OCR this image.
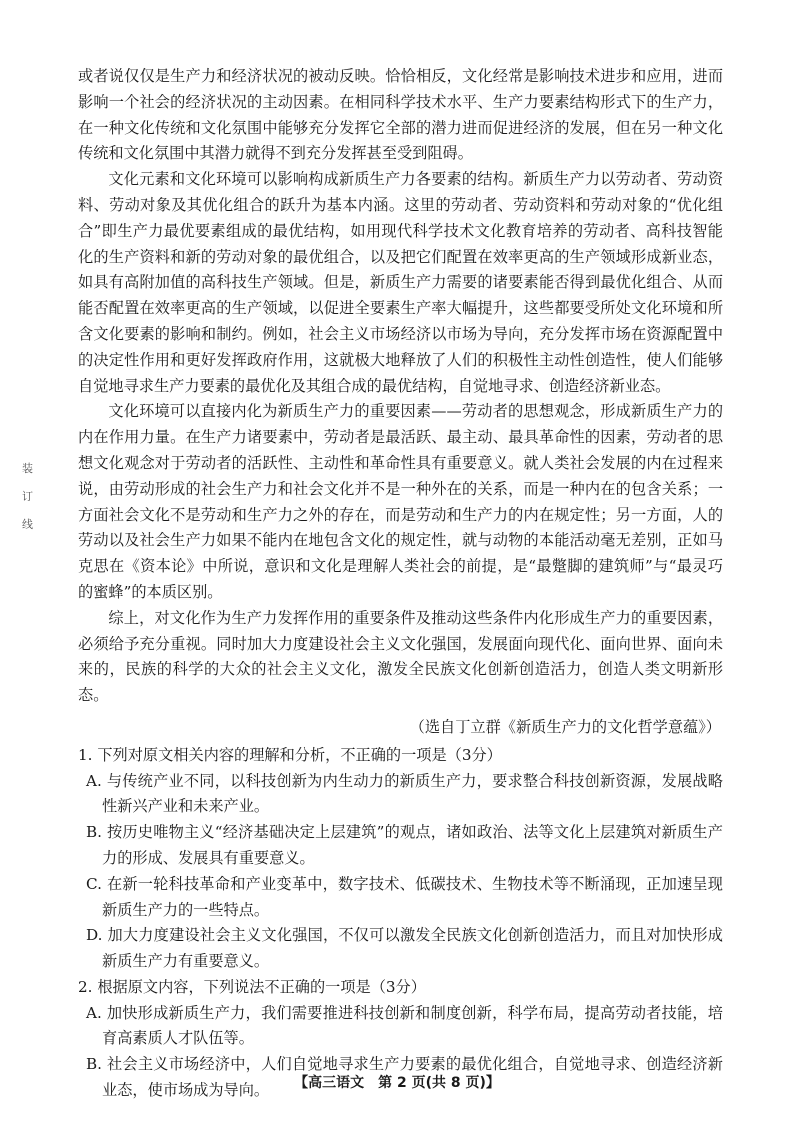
装订线

或者说仅仅是生产力和经济状况的被动反映。恰恰相反，文化经常是影响技术进步和应用，进而影响一个社会的经济状况的主动因素。在相同科学技术水平、生产力要素结构形式下的生产力，在一种文化传统和文化氛围中能够充分发挥它全部的潜力进而促进经济的发展，但在另一种文化传统和文化氛围中其潜力就得不到充分发挥甚至受到阻碍。

文化元素和文化环境可以影响构成新质生产力各要素的结构。新质生产力以劳动者、劳动资料、劳动对象及其优化组合的跃升为基本内涵。这里的劳动者、劳动资料和劳动对象的“优化组合”即生产力最优要素组成的最优结构，如用现代科学技术文化教育培养的劳动者、高科技智能化的生产资料和新的劳动对象的最优组合，以及把它们配置在效率更高的生产领域形成新业态，如具有高附加值的高科技生产领域。但是，新质生产力需要的诸要素能否得到最优化组合、从而能否配置在效率更高的生产领域，以促进全要素生产率大幅提升，这些都要受所处文化环境和所含文化要素的影响和制约。例如，社会主义市场经济以市场为导向，充分发挥市场在资源配置中的决定性作用和更好发挥政府作用，这就极大地释放了人们的积极性主动性创造性，使人们能够自觉地寻求生产力要素的最优化及其组合成的最优结构，自觉地寻求、创造经济新业态。

文化环境可以直接内化为新质生产力的重要因素——劳动者的思想观念，形成新质生产力的内在作用力量。在生产力诸要素中，劳动者是最活跃、最主动、最具革命性的因素，劳动者的思想文化观念对于劳动者的活跃性、主动性和革命性具有重要意义。就人类社会发展的内在过程来说，由劳动形成的社会生产力和社会文化并不是一种外在的关系，而是一种内在的包含关系；一方面社会文化不是劳动和生产力之外的存在，而是劳动和生产力的内在规定性；另一方面，人的劳动以及社会生产力如果不能内在地包含文化的规定性，就与动物的本能活动毫无差别，正如马克思在《资本论》中所说，意识和文化是理解人类社会的前提，是“最蹩脚的建筑师”与“最灵巧的蜜蜂”的本质区别。

综上，对文化作为生产力发挥作用的重要条件及推动这些条件内化形成生产力的重要因素，必须给予充分重视。同时加大力度建设社会主义文化强国，发展面向现代化、面向世界、面向未来的，民族的科学的大众的社会主义文化，激发全民族文化创新创造活力，创造人类文明新形态。

（选自丁立群《新质生产力的文化哲学意蕴》）

1. 下列对原文相关内容的理解和分析，不正确的一项是（3分）

A. 与传统产业不同，以科技创新为内生动力的新质生产力，要求整合科技创新资源，发展战略性新兴产业和未来产业。

B. 按历史唯物主义“经济基础决定上层建筑”的观点，诸如政治、法等文化上层建筑对新质生产力的形成、发展具有重要意义。

C. 在新一轮科技革命和产业变革中，数字技术、低碳技术、生物技术等不断涌现，正加速呈现新质生产力的一些特点。

D. 加大力度建设社会主义文化强国，不仅可以激发全民族文化创新创造活力，而且对加快形成新质生产力有重要意义。

2. 根据原文内容，下列说法不正确的一项是（3分）

A. 加快形成新质生产力，我们需要推进科技创新和制度创新，科学布局，提高劳动者技能，培育高素质人才队伍等。

B. 社会主义市场经济中，人们自觉地寻求生产力要素的最优化组合，自觉地寻求、创造经济新业态，使市场成为导向。	【高三语文　第 2 页(共 8 页)】
